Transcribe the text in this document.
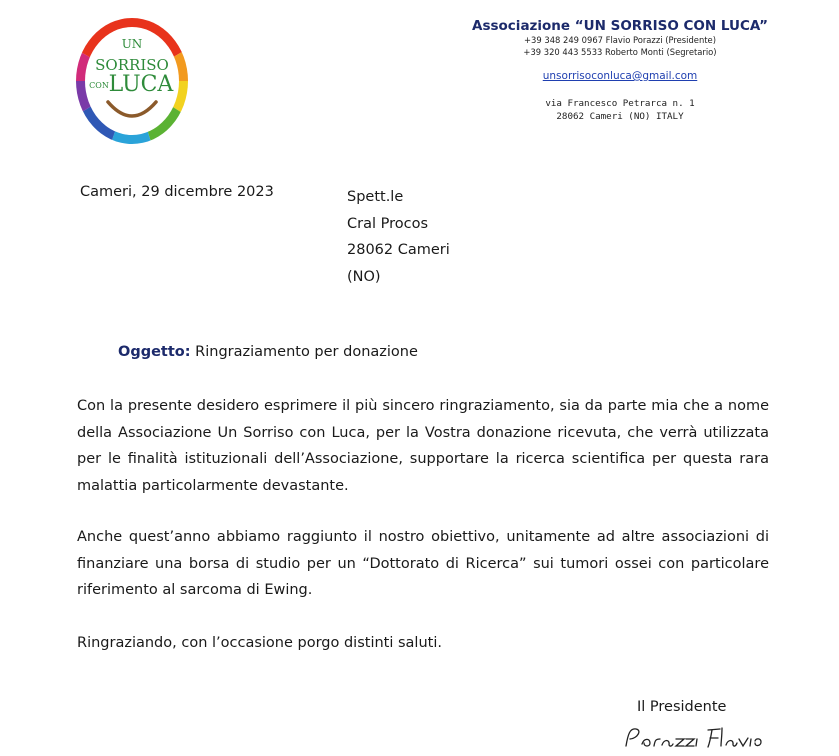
UN
SORRISO
CON LUCA
Associazione “UN SORRISO CON LUCA”
+39 348 249 0967 Flavio Porazzi (Presidente)
+39 320 443 5533 Roberto Monti (Segretario)
unsorrisoconluca@gmail.com
via Francesco Petrarca n. 1
28062 Cameri (NO) ITALY
Cameri, 29 dicembre 2023	Spett.le
Cral Procos
28062 Cameri
(NO)
Oggetto: Ringraziamento per donazione
Con la presente desidero esprimere il più sincero ringraziamento, sia da parte mia che a nome della Associazione Un Sorriso con Luca, per la Vostra donazione ricevuta, che verrà utilizzata per le finalità istituzionali dell’Associazione, supportare la ricerca scientifica per questa rara malattia particolarmente devastante.
Anche quest’anno abbiamo raggiunto il nostro obiettivo, unitamente ad altre associazioni di finanziare una borsa di studio per un “Dottorato di Ricerca” sui tumori ossei con particolare riferimento al sarcoma di Ewing.
Ringraziando, con l’occasione porgo distinti saluti.
Il Presidente
